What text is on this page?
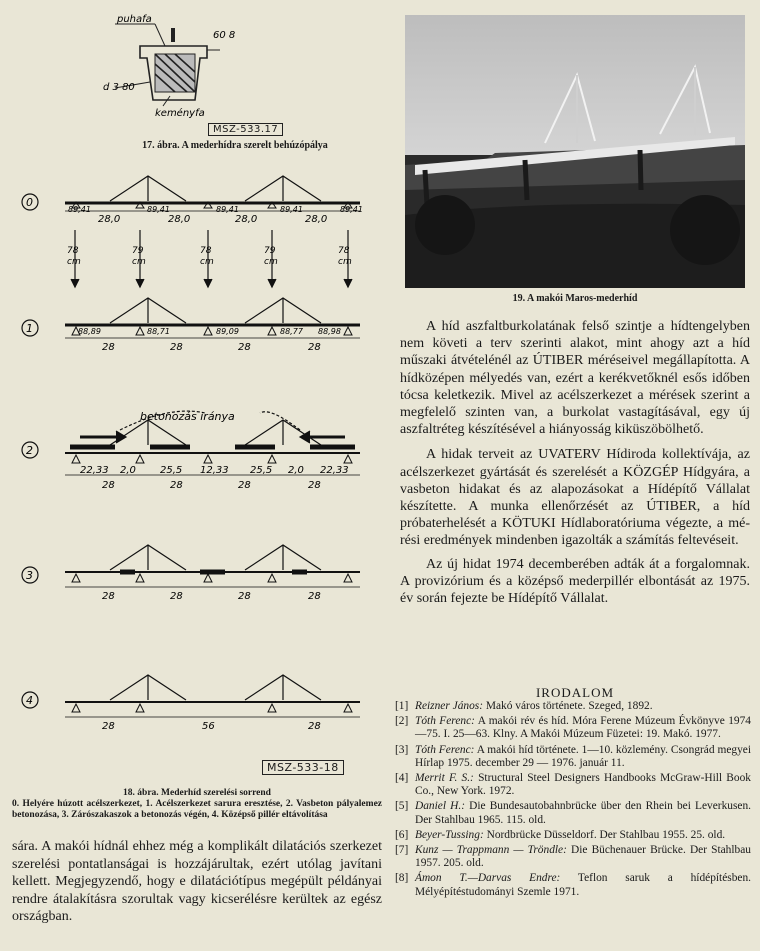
puhafa
60 8
d 3 80
keményfa
MSZ-533.17
17. ábra. A mederhídra szerelt behúzópálya
0
1
2
3
4
89,41	89,41	89,41	89,41	89,41
28,0	28,0	28,0	28,0
78	79	78	79	78
cm	cm	cm	cm	cm
88,89	88,71	89,09	88,77 88,98
28	28	28	28
betonozás iránya
22,33 2,0 25,5 12,33 25,5 2,0 22,33
28	28	28	28
28	28	28	28
28	56	28
MSZ-533-18
18. ábra. Mederhíd szerelési sorrend
0. Helyére húzott acélszerkezet, 1. Acélszerkezet sarura eresztése, 2. Vasbeton pályalemez betonozása, 3. Zárószakaszok a betonozás végén, 4. Középső pillér eltávolítása
19. A makói Maros-mederhíd

A híd aszfaltburkolatának felső szintje a hídtengelyben nem követi a terv szerinti alakot, mint ahogy azt a híd műszaki átvételénél az ÚTIBER méréseivel megállapította. A hídközépen mélyedés van, ezért a kerékvetőknél esős időben tócsa keletkezik. Mivel az acélszerkezet a mérések szerint a megfelelő szinten van, a burkolat vastagításával, egy új aszfaltréteg készítésével a hiányosság kiküszöbölhető.

A hidak terveit az UVATERV Hídiroda kollektívája, az acélszerkezet gyártását és szerelését a KÖZGÉP Hídgyára, a vasbeton hidakat és az alapozásokat a Hídépítő Vállalat készítette. A munka ellenőrzését az ÚTIBER, a híd próbaterhelését a KÖTUKI Hídlaboratóriuma végezte, a mérési eredmények mindenben igazolták a számítás feltevéseit.

Az új hidat 1974 decemberében adták át a forgalomnak. A provizórium és a középső mederpillér elbontását az 1975. év során fejezte be Hídépítő Vállalat.

IRODALOM
[1] Reizner János: Makó város története. Szeged, 1892.
[2] Tóth Ferenc: A makói rév és híd. Móra Ferene Múzeum Évkönyve 1974—75. I. 25—63. Klny. A Makói Múzeum Füzetei: 19. Makó. 1977.
[3] Tóth Ferenc: A makói híd története. 1—10. közlemény. Csongrád megyei Hírlap 1975. december 29 — 1976. január 11.
[4] Merrit F. S.: Structural Steel Designers Handbooks McGraw-Hill Book Co., New York. 1972.
[5] Daniel H.: Die Bundesautobahnbrücke über den Rhein bei Leverkusen. Der Stahlbau 1965. 115. old.
[6] Beyer-Tussing: Nordbrücke Düsseldorf. Der Stahlbau 1955. 25. old.
[7] Kunz — Trappmann — Tröndle: Die Büchenauer Brücke. Der Stahlbau 1957. 205. old.
[8] Ámon T.—Darvas Endre: Teflon saruk a hídépítésben. Mélyépítéstudományi Szemle 1971.
sára. A makói hídnál ehhez még a komplikált dilatációs szerkezet szerelési pontatlanságai is hozzájárultak, ezért utólag javítani kellett. Megjegyzendő, hogy e dilatációtípus megépült példányai rendre átalakításra szorultak vagy kicserélésre kerültek az egész országban.
